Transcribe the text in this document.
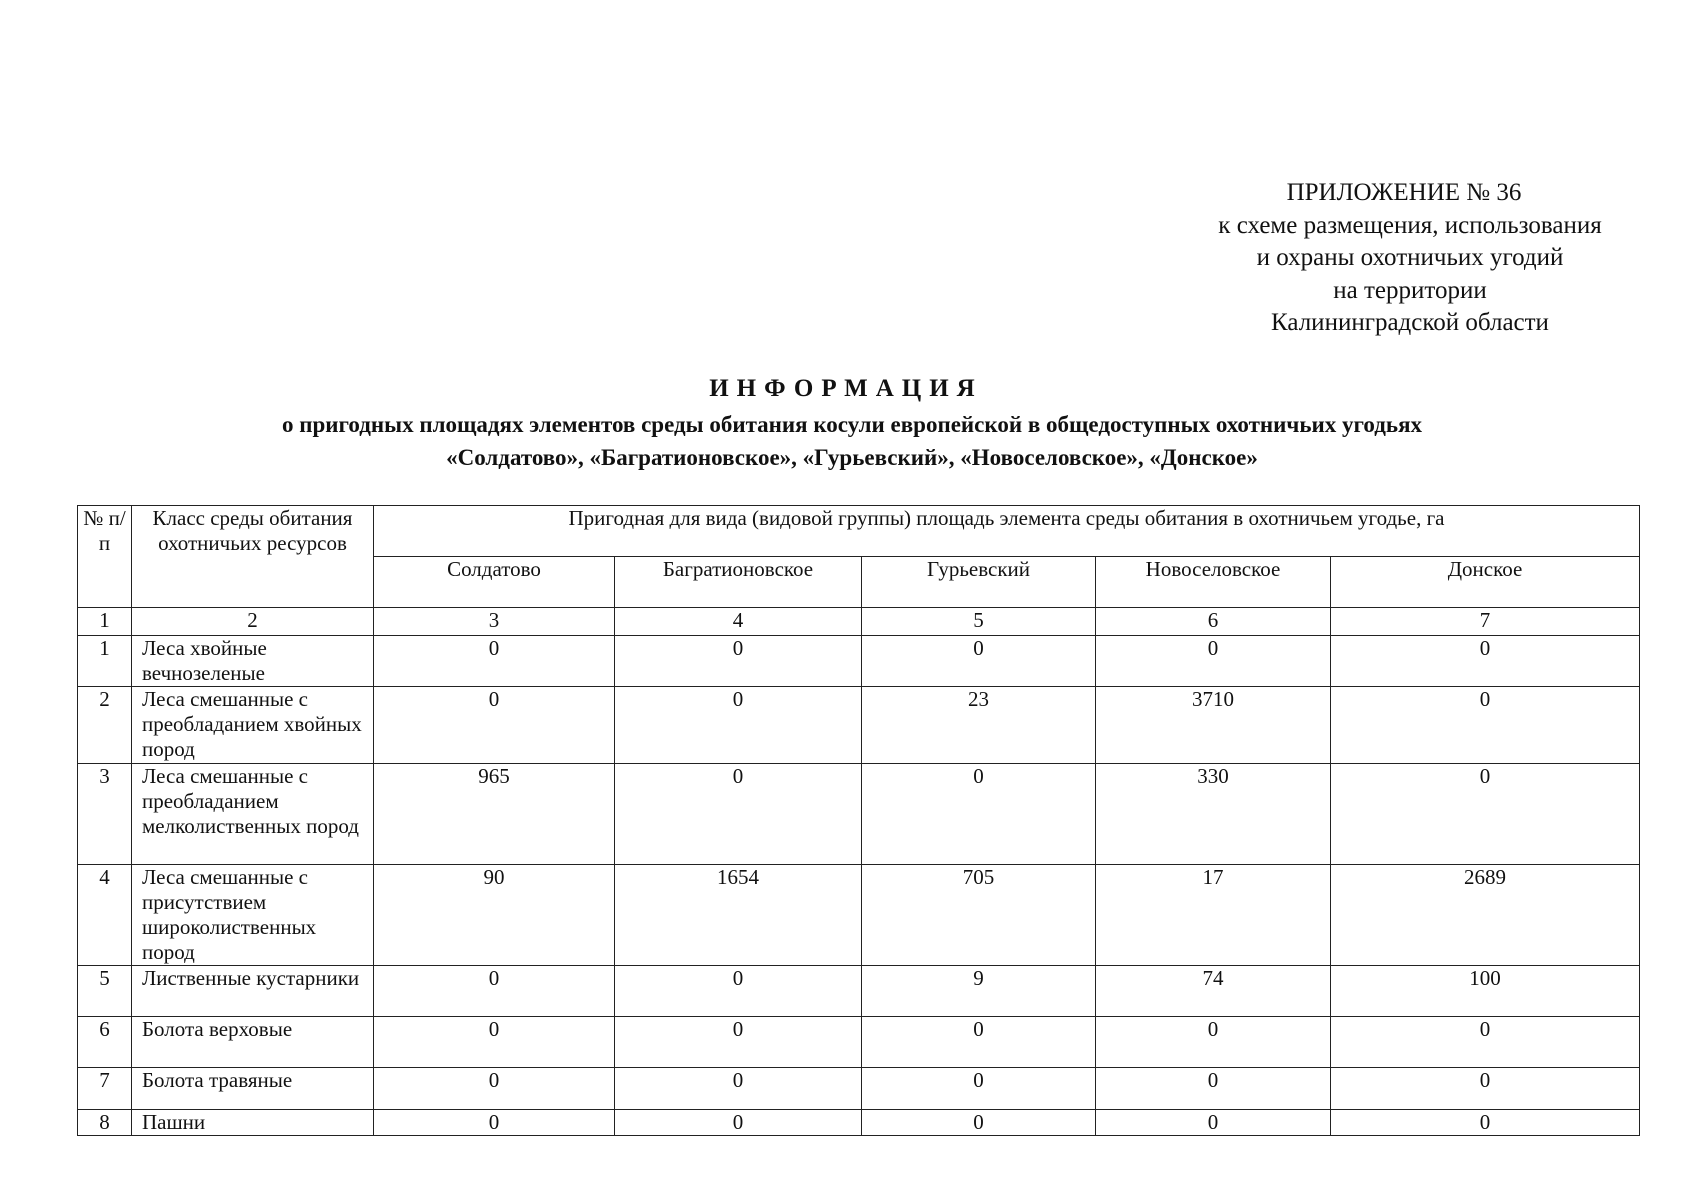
ПРИЛОЖЕНИЕ № 36
к схеме размещения, использования
и охраны охотничьих угодий
на территории
Калининградской области
ИНФОРМАЦИЯ
о пригодных площадях элементов среды обитания косули европейской в общедоступных охотничьих угодьях
«Солдатово», «Багратионовское», «Гурьевский», «Новоселовское», «Донское»
№ п/п	Класс среды обитания охотничьих ресурсов	Пригодная для вида (видовой группы) площадь элемента среды обитания в охотничьем угодье, га				
		Солдатово	Багратионовское	Гурьевский	Новоселовское	Донское
1	2	3	4	5	6	7
1	Леса хвойные вечнозеленые	0	0	0	0	0
2	Леса смешанные с преобладанием хвойных пород	0	0	23	3710	0
3	Леса смешанные с преобладанием мелколиственных пород	965	0	0	330	0
4	Леса смешанные с присутствием широколиственных пород	90	1654	705	17	2689
5	Лиственные кустарники	0	0	9	74	100
6	Болота верховые	0	0	0	0	0
7	Болота травяные	0	0	0	0	0
8	Пашни	0	0	0	0	0
